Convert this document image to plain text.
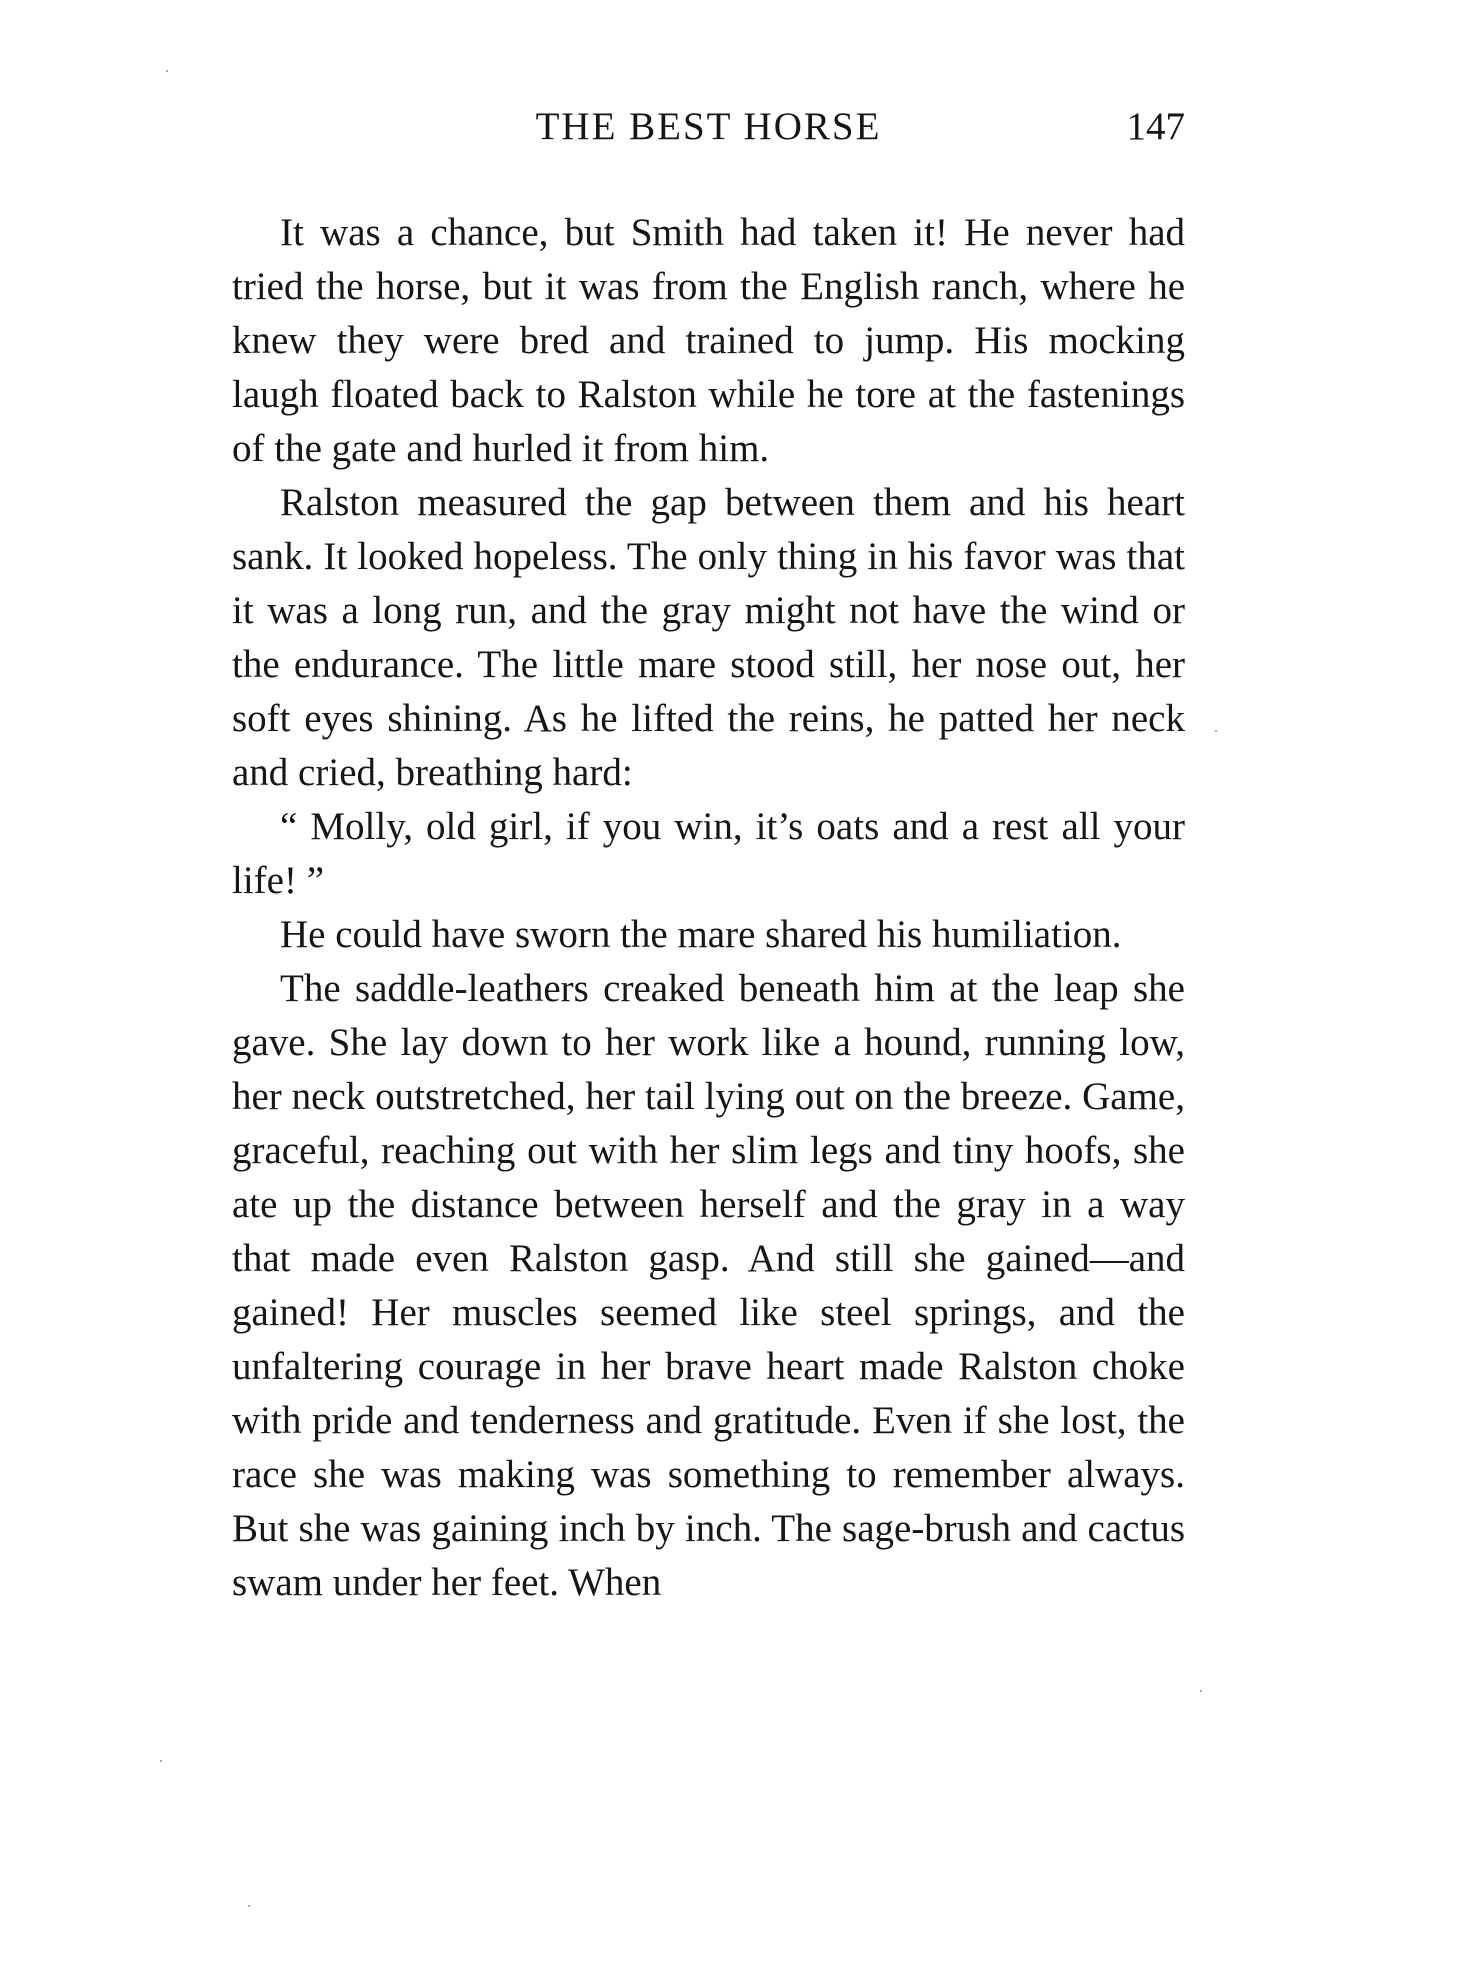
THE BEST HORSE	147

It was a chance, but Smith had taken it! He never had tried the horse, but it was from the English ranch, where he knew they were bred and trained to jump. His mocking laugh floated back to Ralston while he tore at the fastenings of the gate and hurled it from him.

Ralston measured the gap between them and his heart sank. It looked hopeless. The only thing in his favor was that it was a long run, and the gray might not have the wind or the endurance. The little mare stood still, her nose out, her soft eyes shining. As he lifted the reins, he patted her neck and cried, breathing hard:

“ Molly, old girl, if you win, it’s oats and a rest all your life! ”

He could have sworn the mare shared his humiliation.

The saddle-leathers creaked beneath him at the leap she gave. She lay down to her work like a hound, running low, her neck outstretched, her tail lying out on the breeze. Game, graceful, reaching out with her slim legs and tiny hoofs, she ate up the distance between herself and the gray in a way that made even Ralston gasp. And still she gained—and gained! Her muscles seemed like steel springs, and the unfaltering courage in her brave heart made Ralston choke with pride and tenderness and gratitude. Even if she lost, the race she was making was something to remember always. But she was gaining inch by inch. The sage-brush and cactus swam under her feet. When
